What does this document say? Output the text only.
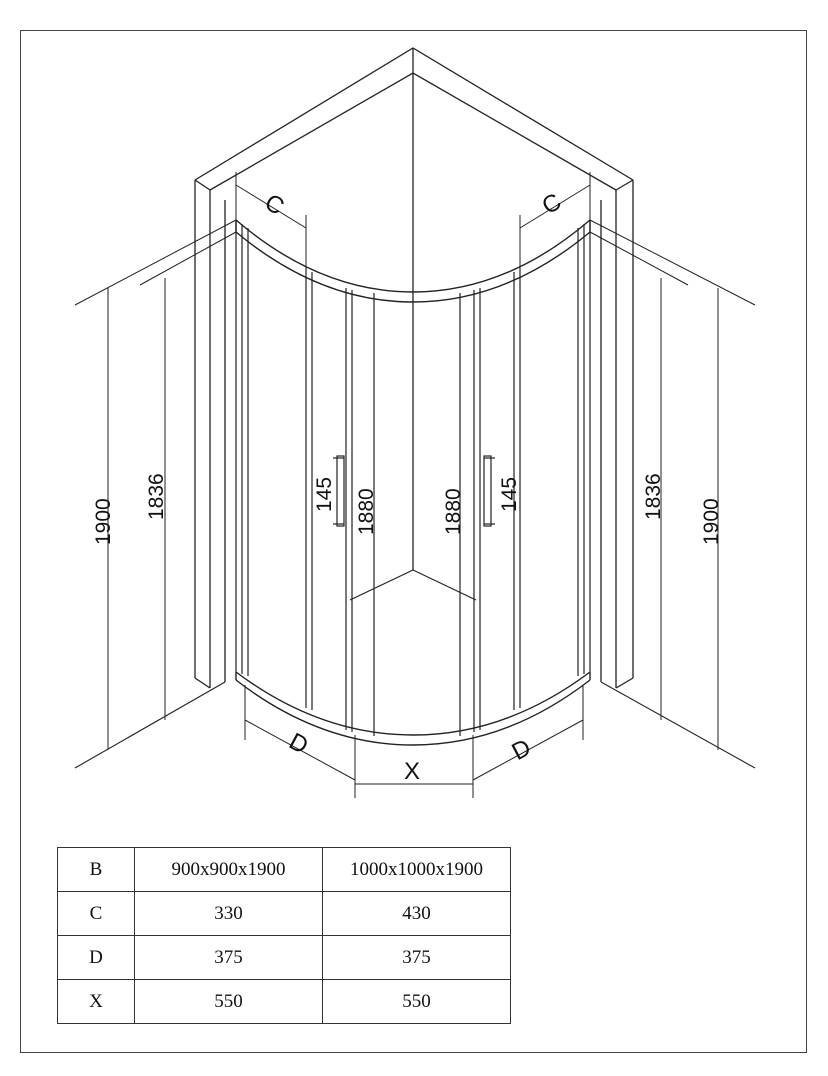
C	C
D	D
X
1900
1836	145 1880	1880 145	1836
1900
B	900x900x1900	1000x1000x1900
C	330	430
D	375	375
X	550	550
